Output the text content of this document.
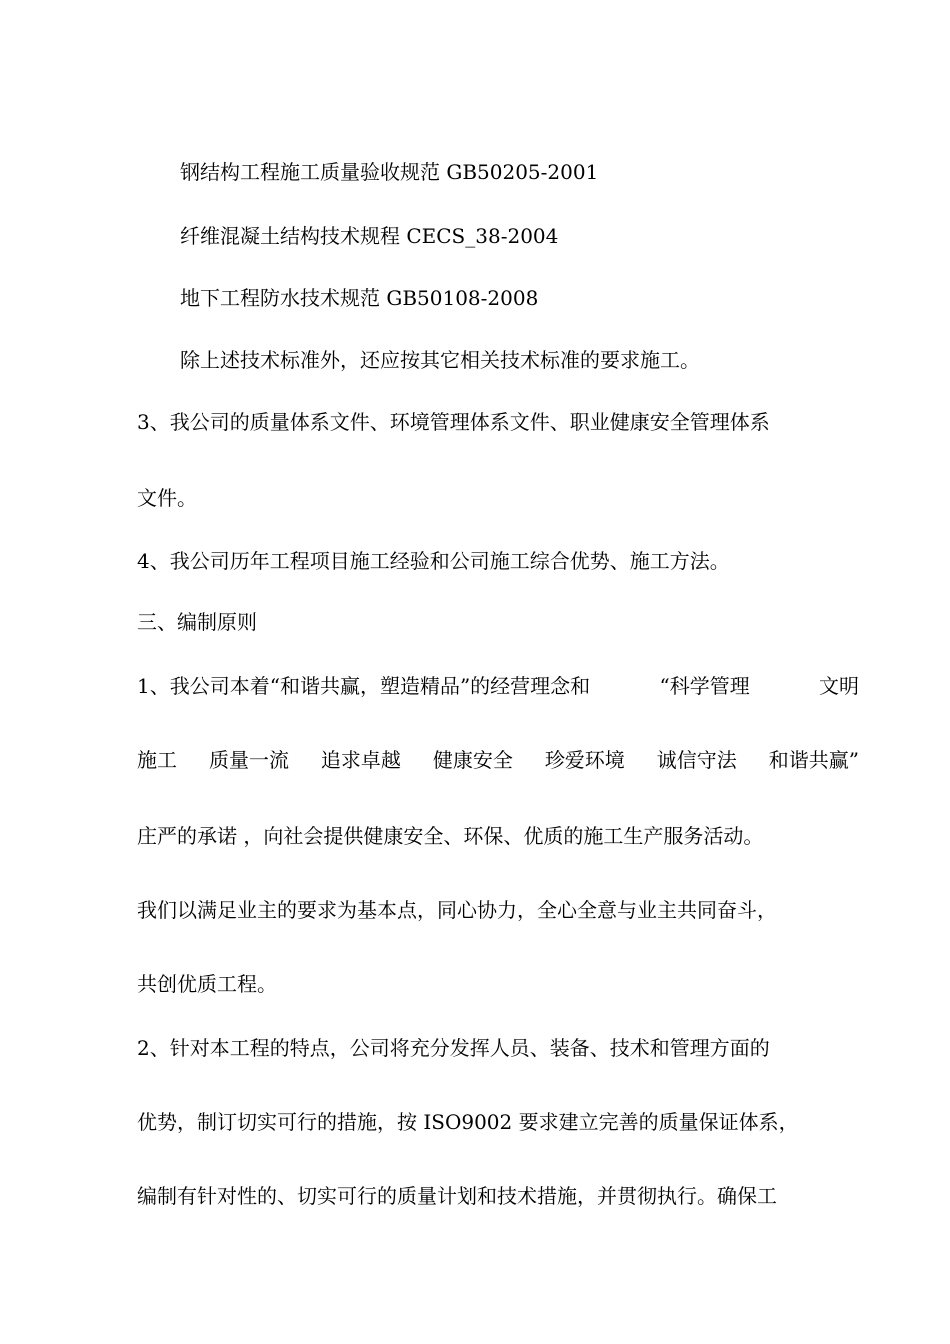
钢结构工程施工质量验收规范 GB50205-2001
纤维混凝土结构技术规程 CECS_38-2004
地下工程防水技术规范 GB50108-2008
除上述技术标准外，还应按其它相关技术标准的要求施工。
3、我公司的质量体系文件、环境管理体系文件、职业健康安全管理体系
文件。
4、我公司历年工程项目施工经验和公司施工综合优势、施工方法。
三、编制原则
1、我公司本着“和谐共赢，塑造精品”的经营理念和	“科学管理	文明
施工 质量一流 追求卓越 健康安全 珍爱环境 诚信守法 和谐共赢”
庄严的承诺 ，向社会提供健康安全、环保、优质的施工生产服务活动。
我们以满足业主的要求为基本点，同心协力，全心全意与业主共同奋斗，
共创优质工程。
2、针对本工程的特点，公司将充分发挥人员、装备、技术和管理方面的
优势，制订切实可行的措施，按 ISO9002 要求建立完善的质量保证体系，
编制有针对性的、切实可行的质量计划和技术措施，并贯彻执行。确保工
